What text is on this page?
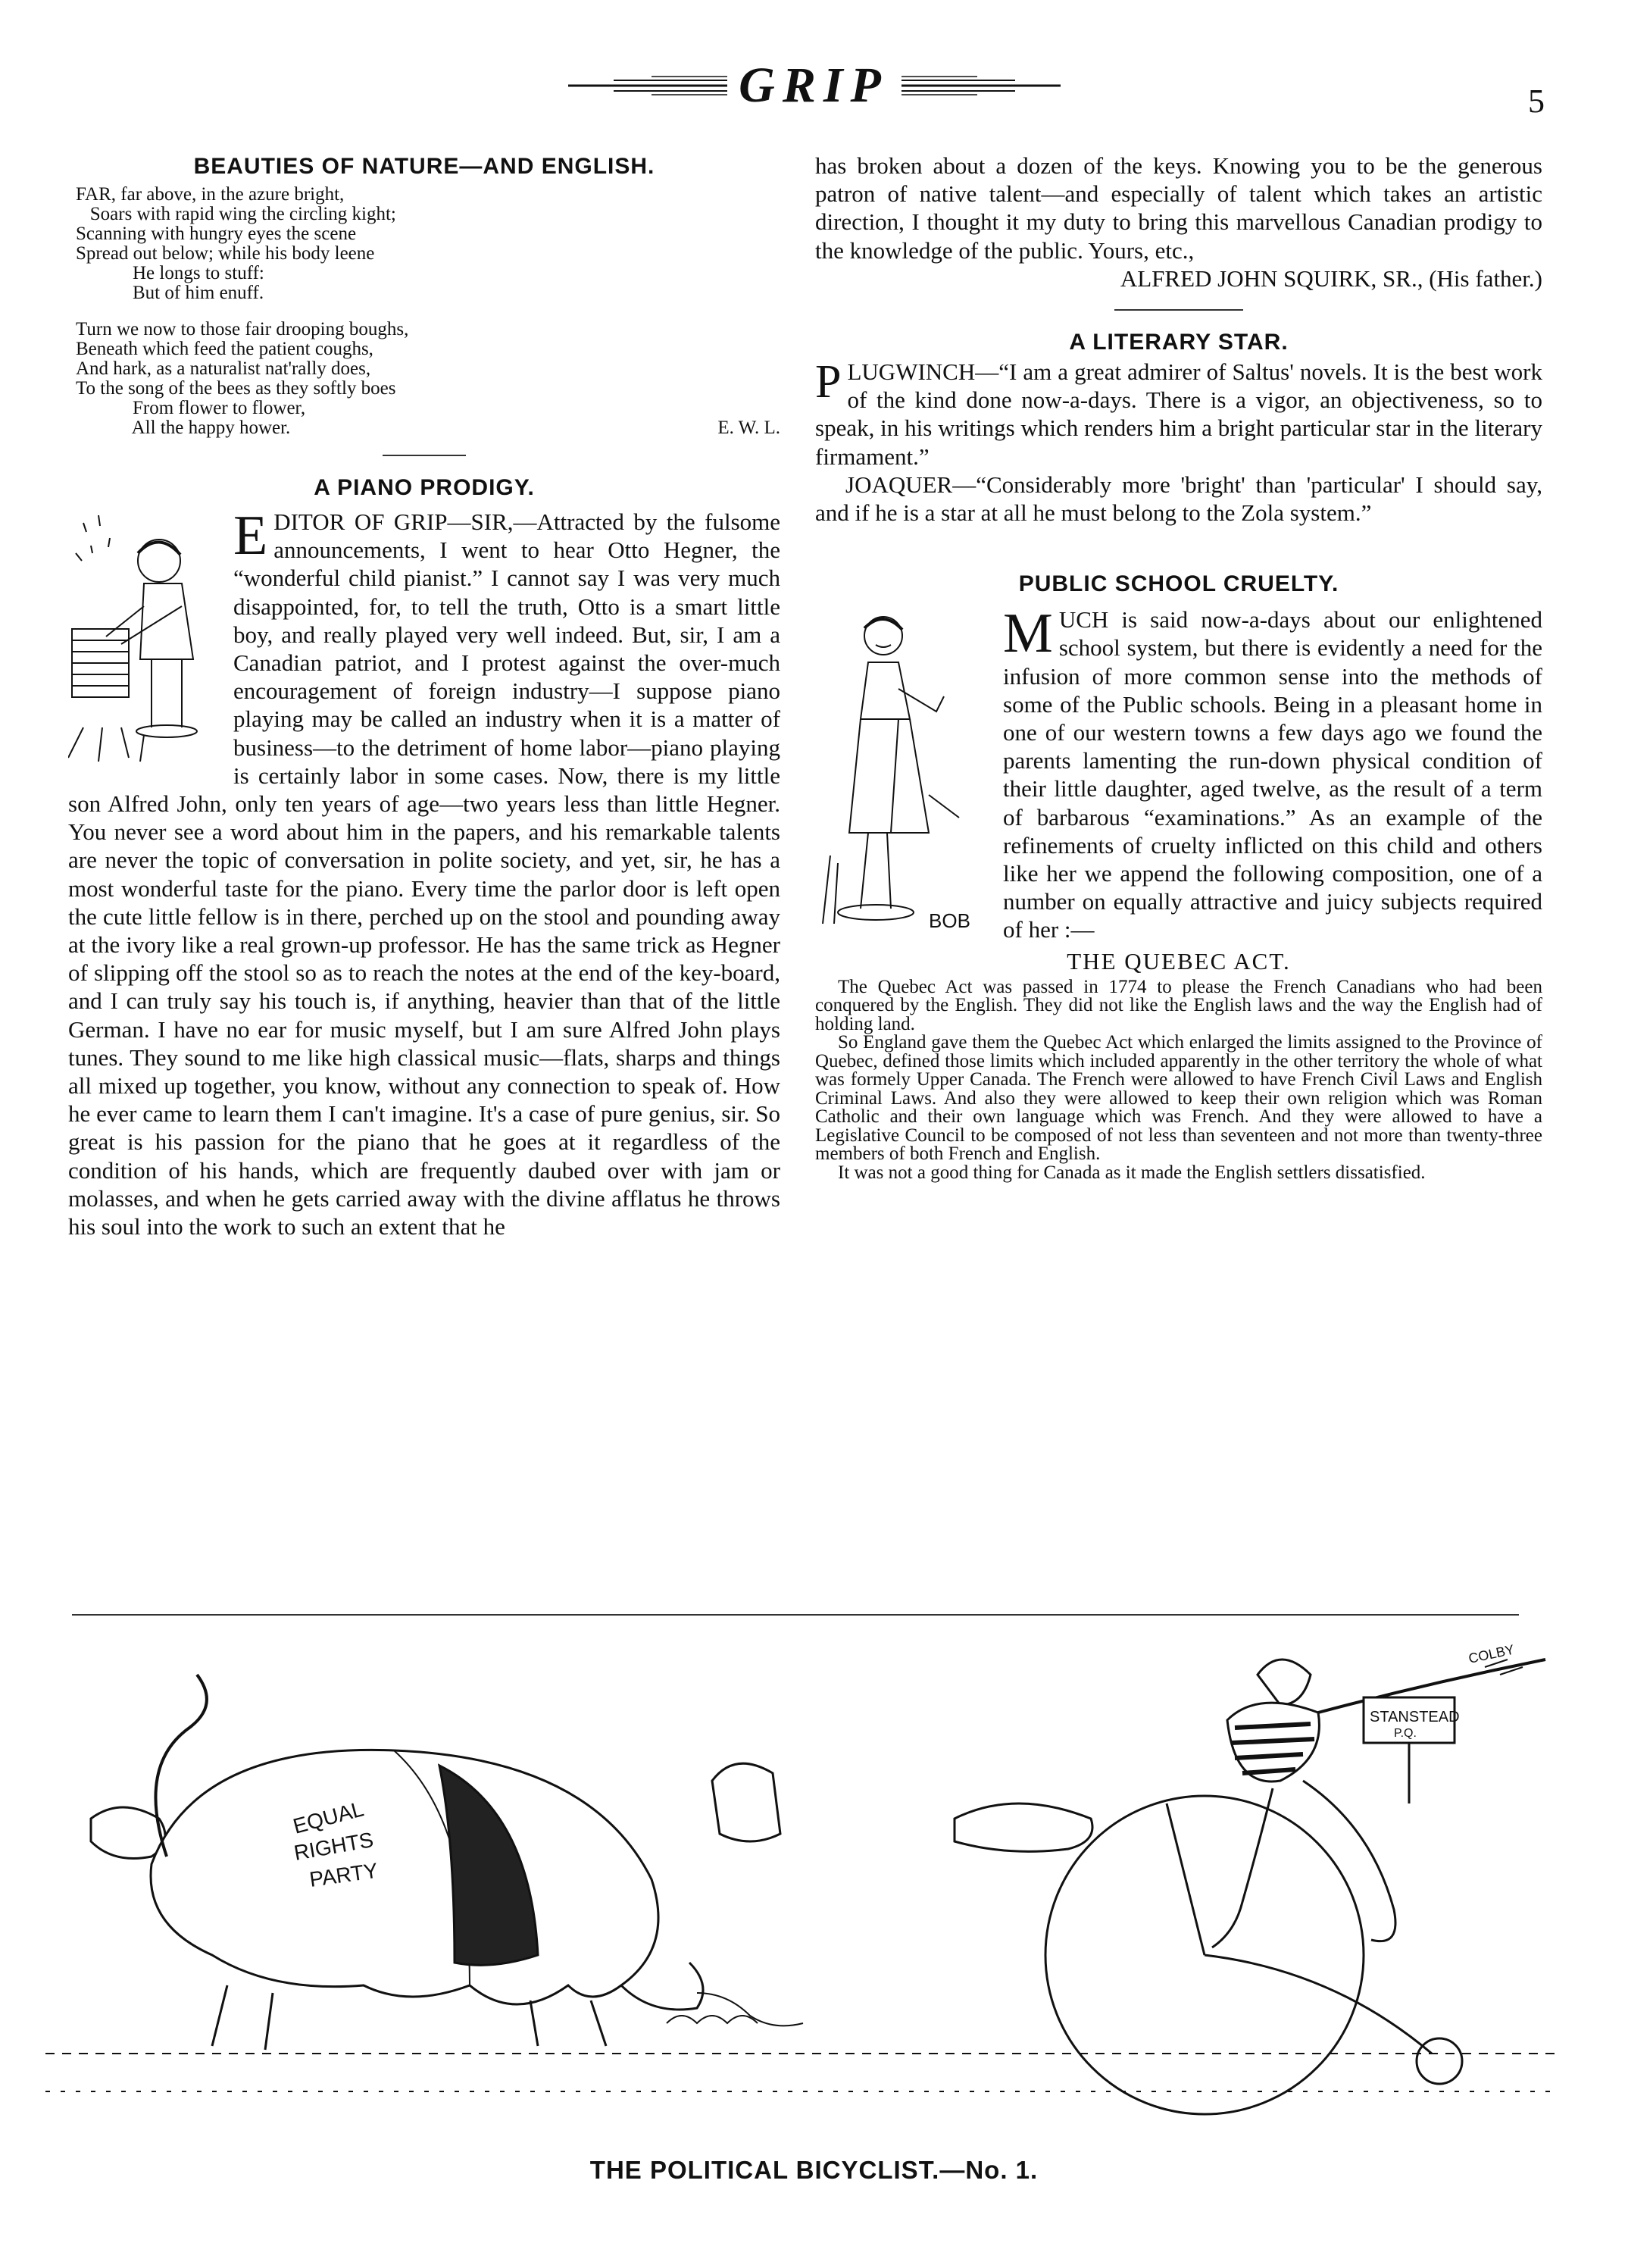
GRIP	5
BEAUTIES OF NATURE—AND ENGLISH.
FAR, far above, in the azure bright,
Soars with rapid wing the circling kight;
Scanning with hungry eyes the scene
Spread out below; while his body leene
He longs to stuff:
But of him enuff.
Turn we now to those fair drooping boughs,
Beneath which feed the patient coughs,
And hark, as a naturalist nat'rally does,
To the song of the bees as they softly boes
From flower to flower,
All the happy hower.	E. W. L.
A PIANO PRODIGY.
E DITOR OF GRIP—SIR,—Attracted by the fulsome announcements, I went to hear Otto Hegner, the “wonderful child pianist.” I cannot say I was very much disappointed, for, to tell the truth, Otto is a smart little boy, and really played very well indeed. But, sir, I am a Canadian patriot, and I protest against the over-much encouragement of foreign industry—I suppose piano playing may be called an industry when it is a matter of business—to the detriment of home labor—piano playing is certainly labor in some cases. Now, there is my little son Alfred John, only ten years of age—two years less than little Hegner. You never see a word about him in the papers, and his remarkable talents are never the topic of conversation in polite society, and yet, sir, he has a most wonderful taste for the piano. Every time the parlor door is left open the cute little fellow is in there, perched up on the stool and pounding away at the ivory like a real grown-up professor. He has the same trick as Hegner of slipping off the stool so as to reach the notes at the end of the key-board, and I can truly say his touch is, if anything, heavier than that of the little German. I have no ear for music myself, but I am sure Alfred John plays tunes. They sound to me like high classical music—flats, sharps and things all mixed up together, you know, without any connection to speak of. How he ever came to learn them I can't imagine. It's a case of pure genius, sir. So great is his passion for the piano that he goes at it regardless of the condition of his hands, which are frequently daubed over with jam or molasses, and when he gets carried away with the divine afflatus he throws his soul into the work to such an extent that he

has broken about a dozen of the keys. Knowing you to be the generous patron of native talent—and especially of talent which takes an artistic direction, I thought it my duty to bring this marvellous Canadian prodigy to the knowledge of the public. Yours, etc.,

ALFRED JOHN SQUIRK, SR., (His father.)

A LITERARY STAR.
P LUGWINCH—“I am a great admirer of Saltus' novels. It is the best work of the kind done now-a-days. There is a vigor, an objectiveness, so to speak, in his writings which renders him a bright particular star in the literary firmament.”

JOAQUER—“Considerably more 'bright' than 'particular' I should say, and if he is a star at all he must belong to the Zola system.”

PUBLIC SCHOOL CRUELTY.
BOB
M UCH is said now-a-days about our enlightened school system, but there is evidently a need for the infusion of more common sense into the methods of some of the Public schools. Being in a pleasant home in one of our western towns a few days ago we found the parents lamenting the run-down physical condition of their little daughter, aged twelve, as the result of a term of barbarous “examinations.” As an example of the refinements of cruelty inflicted on this child and others like her we append the following composition, one of a number on equally attractive and juicy subjects required of her :—

THE QUEBEC ACT.

The Quebec Act was passed in 1774 to please the French Canadians who had been conquered by the English. They did not like the English laws and the way the English had of holding land.

So England gave them the Quebec Act which enlarged the limits assigned to the Province of Quebec, defined those limits which included apparently in the other territory the whole of what was formely Upper Canada. The French were allowed to have French Civil Laws and English Criminal Laws. And also they were allowed to keep their own religion which was Roman Catholic and their own language which was French. And they were allowed to have a Legislative Council to be composed of not less than seventeen and not more than twenty-three members of both French and English.

It was not a good thing for Canada as it made the English settlers dissatisfied.

EQUAL
RIGHTS
PARTY
STANSTEAD
P.Q.
COLBY
THE POLITICAL BICYCLIST.—No. 1.
